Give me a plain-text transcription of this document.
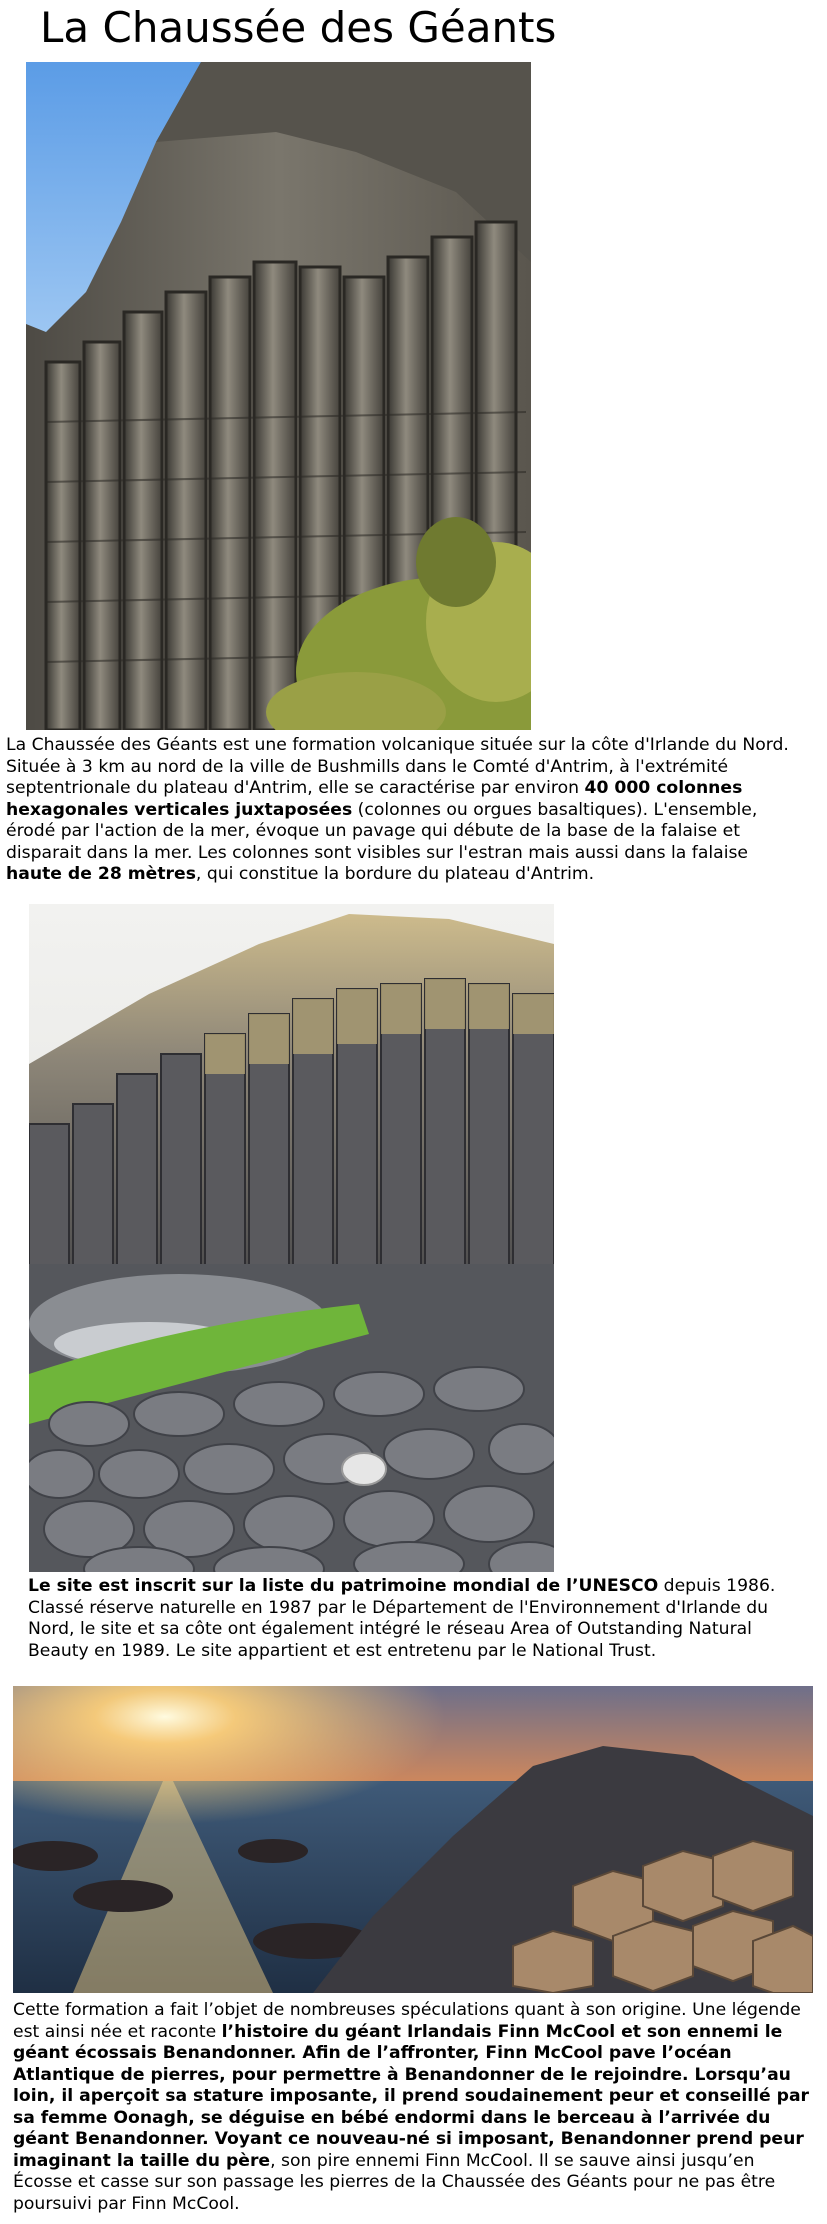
La Chaussée des Géants

La Chaussée des Géants est une formation volcanique située sur la côte d'Irlande du Nord. Située à 3 km au nord de la ville de Bushmills dans le Comté d'Antrim, à l'extrémité septentrionale du plateau d'Antrim, elle se caractérise par environ 40 000 colonnes hexagonales verticales juxtaposées (colonnes ou orgues basaltiques). L'ensemble, érodé par l'action de la mer, évoque un pavage qui débute de la base de la falaise et disparait dans la mer. Les colonnes sont visibles sur l'estran mais aussi dans la falaise haute de 28 mètres, qui constitue la bordure du plateau d'Antrim.

Le site est inscrit sur la liste du patrimoine mondial de l’UNESCO depuis 1986. Classé réserve naturelle en 1987 par le Département de l'Environnement d'Irlande du Nord, le site et sa côte ont également intégré le réseau Area of Outstanding Natural Beauty en 1989. Le site appartient et est entretenu par le National Trust.

Cette formation a fait l’objet de nombreuses spéculations quant à son origine. Une légende est ainsi née et raconte l’histoire du géant Irlandais Finn McCool et son ennemi le géant écossais Benandonner. Afin de l’affronter, Finn McCool pave l’océan Atlantique de pierres, pour permettre à Benandonner de le rejoindre. Lorsqu’au loin, il aperçoit sa stature imposante, il prend soudainement peur et conseillé par sa femme Oonagh, se déguise en bébé endormi dans le berceau à l’arrivée du géant Benandonner. Voyant ce nouveau-né si imposant, Benandonner prend peur imaginant la taille du père, son pire ennemi Finn McCool. Il se sauve ainsi jusqu’en Écosse et casse sur son passage les pierres de la Chaussée des Géants pour ne pas être poursuivi par Finn McCool.
